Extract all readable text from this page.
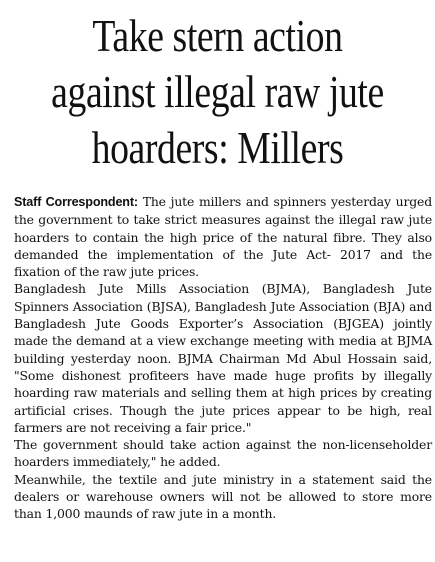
Take stern action
against illegal raw jute
hoarders: Millers

Staff Correspondent: The jute millers and spinners yesterday urged the government to take strict measures against the illegal raw jute hoarders to contain the high price of the natural fibre. They also demanded the implementation of the Jute Act- 2017 and the fixation of the raw jute prices.

Bangladesh Jute Mills Association (BJMA), Bangladesh Jute Spinners Association (BJSA), Bangladesh Jute Association (BJA) and Bangladesh Jute Goods Exporter’s Association (BJGEA) jointly made the demand at a view exchange meeting with media at BJMA building yesterday noon. BJMA Chairman Md Abul Hossain said, "Some dishonest profiteers have made huge profits by illegally hoarding raw materials and selling them at high prices by creating artificial crises. Though the jute prices appear to be high, real farmers are not receiving a fair price."

The government should take action against the non-licenseholder hoarders immediately," he added.

Meanwhile, the textile and jute ministry in a statement said the dealers or warehouse owners will not be allowed to store more than 1,000 maunds of raw jute in a month.
